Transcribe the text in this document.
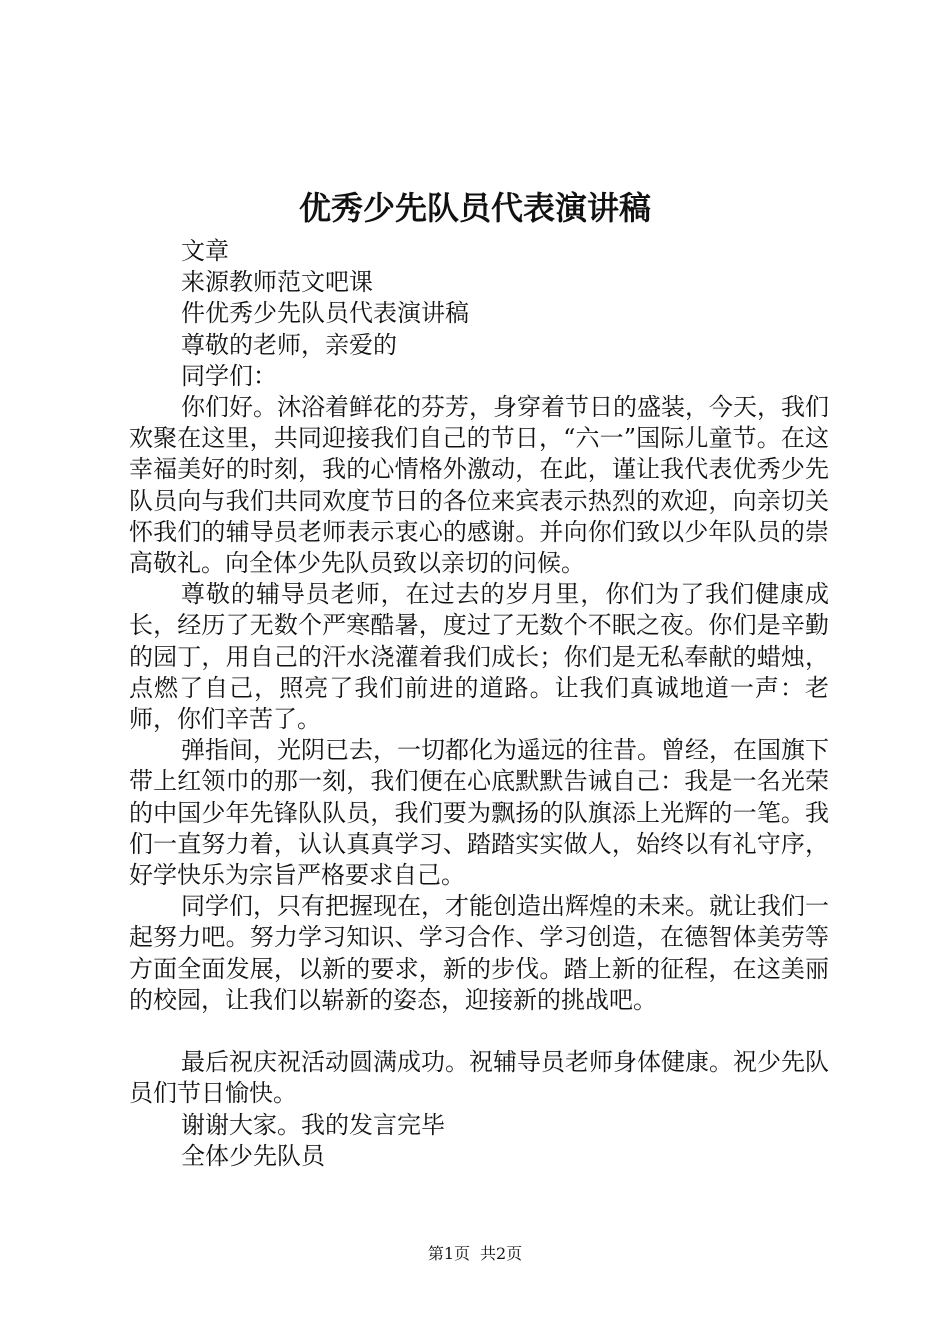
优秀少先队员代表演讲稿
文章
来源教师范文吧课
件优秀少先队员代表演讲稿
尊敬的老师，亲爱的
同学们：

你们好。沐浴着鲜花的芬芳，身穿着节日的盛装，今天，我们欢聚在这里，共同迎接我们自己的节日，“六一”国际儿童节。在这幸福美好的时刻，我的心情格外激动，在此，谨让我代表优秀少先队员向与我们共同欢度节日的各位来宾表示热烈的欢迎，向亲切关怀我们的辅导员老师表示衷心的感谢。并向你们致以少年队员的崇高敬礼。向全体少先队员致以亲切的问候。

尊敬的辅导员老师，在过去的岁月里，你们为了我们健康成长，经历了无数个严寒酷暑，度过了无数个不眠之夜。你们是辛勤的园丁，用自己的汗水浇灌着我们成长；你们是无私奉献的蜡烛，点燃了自己，照亮了我们前进的道路。让我们真诚地道一声：老师，你们辛苦了。

弹指间，光阴已去，一切都化为遥远的往昔。曾经，在国旗下带上红领巾的那一刻，我们便在心底默默告诫自己：我是一名光荣的中国少年先锋队队员，我们要为飘扬的队旗添上光辉的一笔。我们一直努力着，认认真真学习、踏踏实实做人，始终以有礼守序，好学快乐为宗旨严格要求自己。

同学们，只有把握现在，才能创造出辉煌的未来。就让我们一起努力吧。努力学习知识、学习合作、学习创造，在德智体美劳等方面全面发展，以新的要求，新的步伐。踏上新的征程，在这美丽的校园，让我们以崭新的姿态，迎接新的挑战吧。

最后祝庆祝活动圆满成功。祝辅导员老师身体健康。祝少先队员们节日愉快。

谢谢大家。我的发言完毕
全体少先队员
第1页 共2页
